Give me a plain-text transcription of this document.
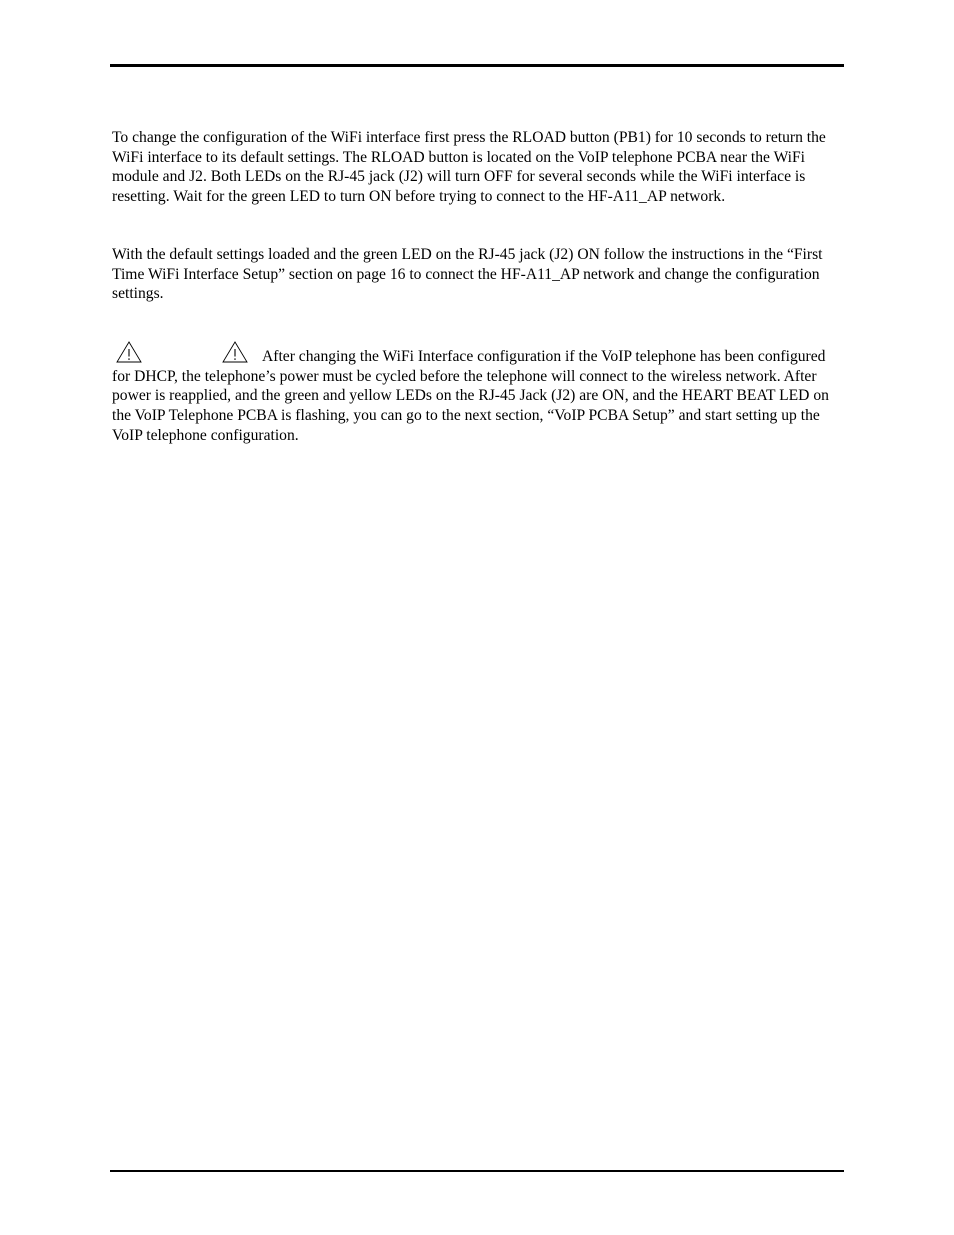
To change the configuration of the WiFi interface first press the RLOAD button (PB1) for 10 seconds to return the WiFi interface to its default settings. The RLOAD button is located on the VoIP telephone PCBA near the WiFi module and J2. Both LEDs on the RJ-45 jack (J2) will turn OFF for several seconds while the WiFi interface is resetting. Wait for the green LED to turn ON before trying to connect to the HF-A11_AP network.

With the default settings loaded and the green LED on the RJ-45 jack (J2) ON follow the instructions in the “First Time WiFi Interface Setup” section on page 16 to connect the HF-A11_AP network and change the configuration settings.

After changing the WiFi Interface configuration if the VoIP telephone has been configured for DHCP, the telephone’s power must be cycled before the telephone will connect to the wireless network. After power is reapplied, and the green and yellow LEDs on the RJ-45 Jack (J2) are ON, and the HEART BEAT LED on the VoIP Telephone PCBA is flashing, you can go to the next section, “VoIP PCBA Setup” and start setting up the VoIP telephone configuration.
